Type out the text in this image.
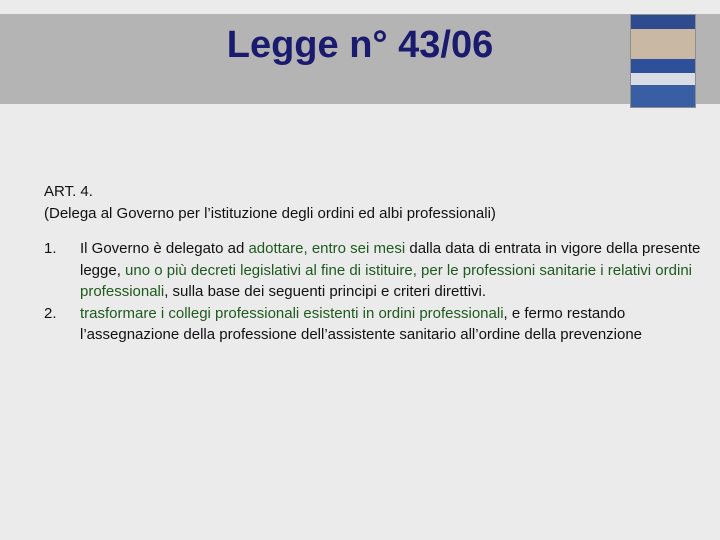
Legge n° 43/06

ART. 4.

(Delega al Governo per l’istituzione degli ordini ed albi professionali)

1.	Il Governo è delegato ad adottare, entro sei mesi dalla data di entrata in vigore della presente legge, uno o più decreti legislativi al fine di istituire, per le professioni sanitarie i relativi ordini professionali, sulla base dei seguenti principi e criteri direttivi.
2.	trasformare i collegi professionali esistenti in ordini professionali, e fermo restando l’assegnazione della professione dell’assistente sanitario all’ordine della prevenzione
